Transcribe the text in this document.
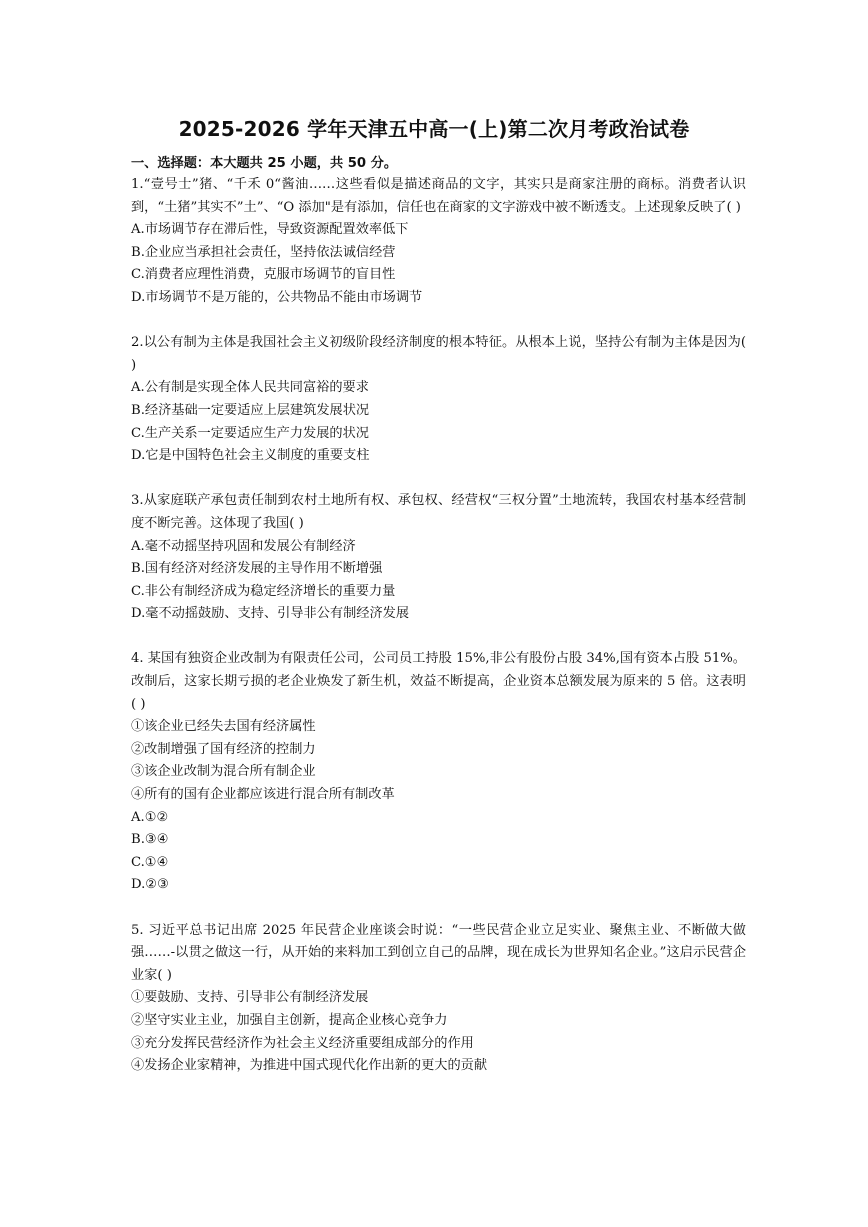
2025-2026 学年天津五中高一(上)第二次月考政治试卷
一、选择题：本大题共 25 小题，共 50 分。
1.“壹号士”猪、“千禾 0“酱油……这些看似是描述商品的文字，其实只是商家注册的商标。消费者认识到，“土猪”其实不”土”、“O 添加"是有添加，信任也在商家的文字游戏中被不断透支。上述现象反映了( )
A.市场调节存在滞后性，导致资源配置效率低下
B.企业应当承担社会责任，坚持依法诚信经营
C.消费者应理性消费，克服市场调节的盲目性
D.市场调节不是万能的，公共物品不能由市场调节
2.以公有制为主体是我国社会主义初级阶段经济制度的根本特征。从根本上说，坚持公有制为主体是因为( )
A.公有制是实现全体人民共同富裕的要求
B.经济基础一定要适应上层建筑发展状况
C.生产关系一定要适应生产力发展的状况
D.它是中国特色社会主义制度的重要支柱
3.从家庭联产承包责任制到农村土地所有权、承包权、经营权“三权分置”土地流转，我国农村基本经营制度不断完善。这体现了我国( )
A.毫不动摇坚持巩固和发展公有制经济
B.国有经济对经济发展的主导作用不断增强
C.非公有制经济成为稳定经济增长的重要力量
D.毫不动摇鼓励、支持、引导非公有制经济发展
4. 某国有独资企业改制为有限责任公司，公司员工持股 15%,非公有股份占股 34%,国有资本占股 51%。改制后，这家长期亏损的老企业焕发了新生机，效益不断提高，企业资本总额发展为原来的 5 倍。这表明( )
①该企业已经失去国有经济属性
②改制增强了国有经济的控制力
③该企业改制为混合所有制企业
④所有的国有企业都应该进行混合所有制改革
A.①②
B.③④
C.①④
D.②③
5. 习近平总书记出席 2025 年民营企业座谈会时说：“一些民营企业立足实业、聚焦主业、不断做大做强……-以贯之做这一行，从开始的来料加工到创立自己的品牌，现在成长为世界知名企业。”这启示民营企业家( )
①要鼓励、支持、引导非公有制经济发展
②坚守实业主业，加强自主创新，提高企业核心竞争力
③充分发挥民营经济作为社会主义经济重要组成部分的作用
④发扬企业家精神，为推进中国式现代化作出新的更大的贡献
